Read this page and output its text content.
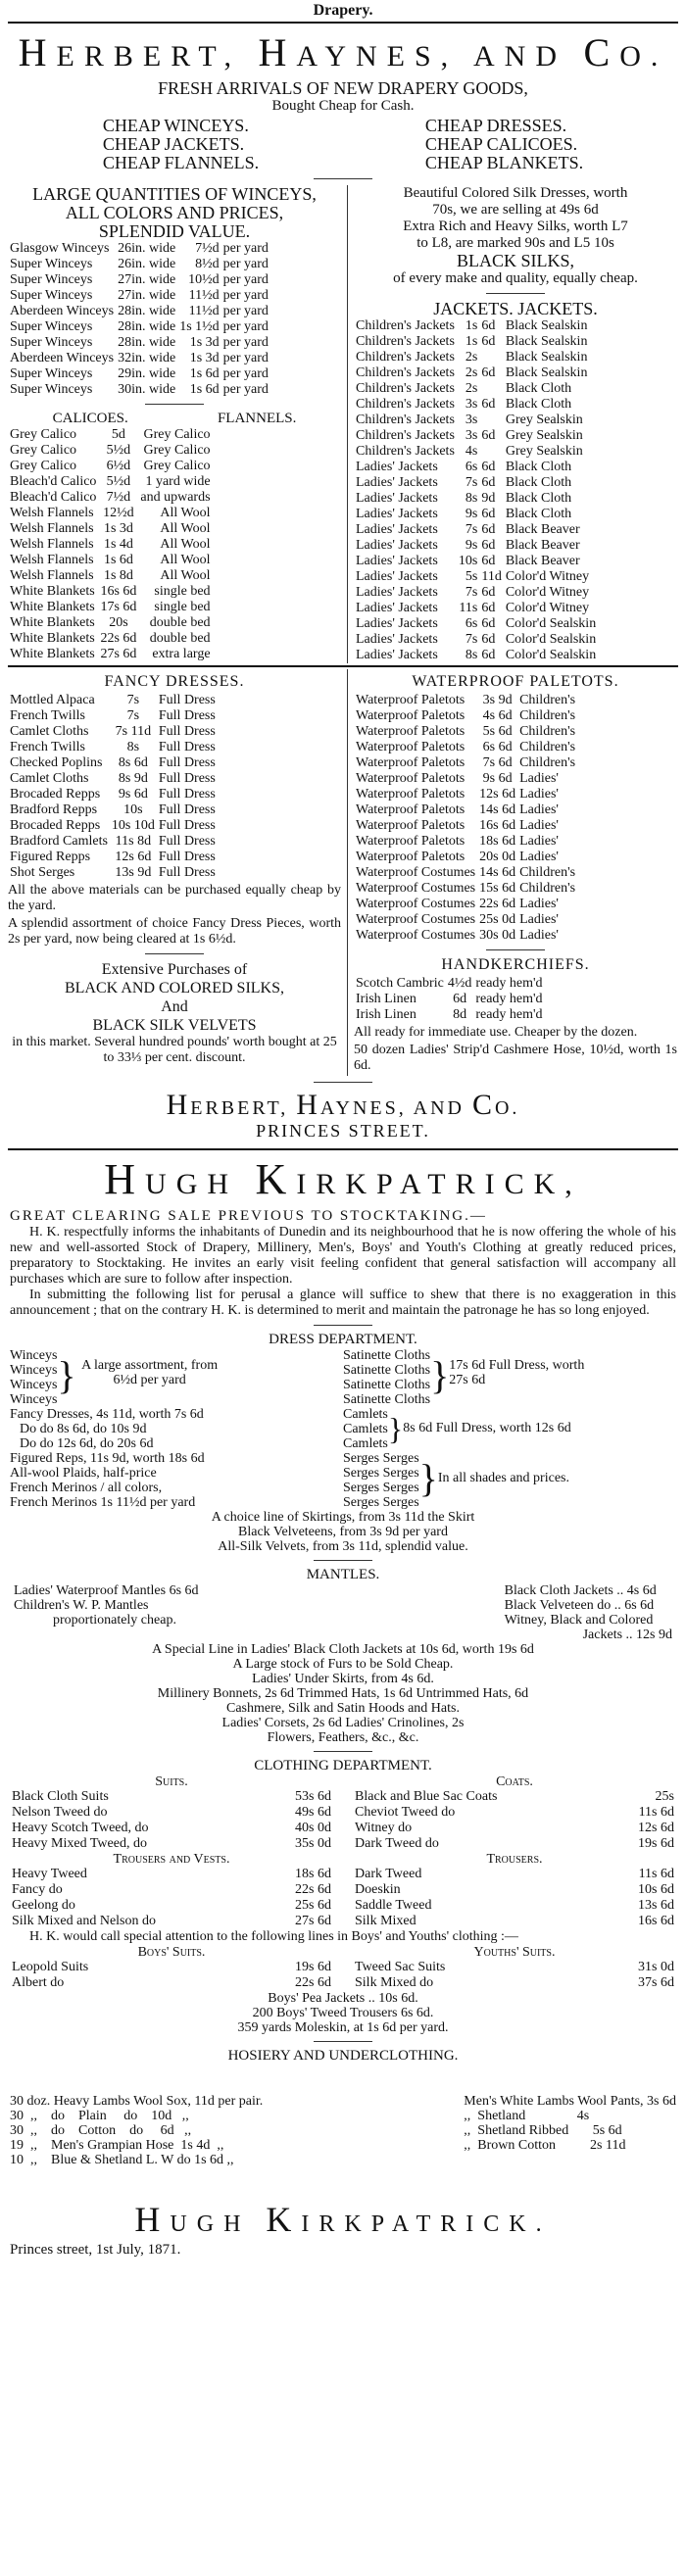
Drapery.
HERBERT, HAYNES, AND CO.
FRESH ARRIVALS OF NEW DRAPERY GOODS,
Bought Cheap for Cash.
CHEAP WINCEYS.
CHEAP JACKETS.
CHEAP FLANNELS.
CHEAP DRESSES.
CHEAP CALICOES.
CHEAP BLANKETS.
LARGE QUANTITIES OF WINCEYS,
ALL COLORS AND PRICES,
SPLENDID VALUE.
Glasgow Winceys	26in. wide	7½d	per yard
Super Winceys	26in. wide	8½d	per yard
Super Winceys	27in. wide	10½d	per yard
Super Winceys	27in. wide	11½d	per yard
Aberdeen Winceys	28in. wide	11½d	per yard
Super Winceys	28in. wide	1s 1½d	per yard
Super Winceys	28in. wide	1s 3d	per yard
Aberdeen Winceys	32in. wide	1s 3d	per yard
Super Winceys	29in. wide	1s 6d	per yard
Super Winceys	30in. wide	1s 6d	per yard
CALICOES.	FLANNELS.
Grey Calico	5d	Grey Calico
Grey Calico	5½d	Grey Calico
Grey Calico	6½d	Grey Calico
Bleach'd Calico	5½d	1 yard wide
Bleach'd Calico	7½d	and upwards
Welsh Flannels	12½d	All Wool
Welsh Flannels	1s 3d	All Wool
Welsh Flannels	1s 4d	All Wool
Welsh Flannels	1s 6d	All Wool
Welsh Flannels	1s 8d	All Wool
White Blankets	16s 6d	single bed
White Blankets	17s 6d	single bed
White Blankets	20s	double bed
White Blankets	22s 6d	double bed
White Blankets	27s 6d	extra large
Beautiful Colored Silk Dresses, worth
70s, we are selling at 49s 6d
Extra Rich and Heavy Silks, worth L7
to L8, are marked 90s and L5 10s
BLACK SILKS,
of every make and quality, equally cheap.
JACKETS. JACKETS.
Children's Jackets	1s	6d	Black Sealskin
Children's Jackets	1s	6d	Black Sealskin
Children's Jackets	2s		Black Sealskin
Children's Jackets	2s	6d	Black Sealskin
Children's Jackets	2s		Black Cloth
Children's Jackets	3s	6d	Black Cloth
Children's Jackets	3s		Grey Sealskin
Children's Jackets	3s	6d	Grey Sealskin
Children's Jackets	4s		Grey Sealskin
Ladies' Jackets	6s	6d	Black Cloth
Ladies' Jackets	7s	6d	Black Cloth
Ladies' Jackets	8s	9d	Black Cloth
Ladies' Jackets	9s	6d	Black Cloth
Ladies' Jackets	7s	6d	Black Beaver
Ladies' Jackets	9s	6d	Black Beaver
Ladies' Jackets	10s	6d	Black Beaver
Ladies' Jackets	5s	11d	Color'd Witney
Ladies' Jackets	7s	6d	Color'd Witney
Ladies' Jackets	11s	6d	Color'd Witney
Ladies' Jackets	6s	6d	Color'd Sealskin
Ladies' Jackets	7s	6d	Color'd Sealskin
Ladies' Jackets	8s	6d	Color'd Sealskin
FANCY DRESSES.
Mottled Alpaca	7s	Full Dress
French Twills	7s	Full Dress
Camlet Cloths	7s 11d	Full Dress
French Twills	8s	Full Dress
Checked Poplins	8s 6d	Full Dress
Camlet Cloths	8s 9d	Full Dress
Brocaded Repps	9s 6d	Full Dress
Bradford Repps	10s	Full Dress
Brocaded Repps	10s 10d	Full Dress
Bradford Camlets	11s 8d	Full Dress
Figured Repps	12s 6d	Full Dress
Shot Serges	13s 9d	Full Dress
All the above materials can be purchased equally cheap by the yard.
A splendid assortment of choice Fancy Dress Pieces, worth 2s per yard, now being cleared at 1s 6½d.
Extensive Purchases of
BLACK AND COLORED SILKS,
And
BLACK SILK VELVETS
in this market. Several hundred pounds' worth bought at 25 to 33⅓ per cent. discount.
WATERPROOF PALETOTS.
Waterproof Paletots	3s 9d	Children's
Waterproof Paletots	4s 6d	Children's
Waterproof Paletots	5s 6d	Children's
Waterproof Paletots	6s 6d	Children's
Waterproof Paletots	7s 6d	Children's
Waterproof Paletots	9s 6d	Ladies'
Waterproof Paletots	12s 6d	Ladies'
Waterproof Paletots	14s 6d	Ladies'
Waterproof Paletots	16s 6d	Ladies'
Waterproof Paletots	18s 6d	Ladies'
Waterproof Paletots	20s 0d	Ladies'
Waterproof Costumes	14s 6d	Children's
Waterproof Costumes	15s 6d	Children's
Waterproof Costumes	22s 6d	Ladies'
Waterproof Costumes	25s 0d	Ladies'
Waterproof Costumes	30s 0d	Ladies'
HANDKERCHIEFS.
Scotch Cambric	4½d	ready hem'd
Irish Linen	6d	ready hem'd
Irish Linen	8d	ready hem'd
All ready for immediate use. Cheaper by the dozen.
50 dozen Ladies' Strip'd Cashmere Hose, 10½d, worth 1s 6d.
HERBERT, HAYNES, AND CO.
PRINCES STREET.
HUGH KIRKPATRICK,
GREAT CLEARING SALE PREVIOUS TO STOCKTAKING.—
H. K. respectfully informs the inhabitants of Dunedin and its neighbourhood that he is now offering the whole of his new and well-assorted Stock of Drapery, Millinery, Men's, Boys' and Youth's Clothing at greatly reduced prices, preparatory to Stocktaking. He invites an early visit feeling confident that general satisfaction will accompany all purchases which are sure to follow after inspection.
In submitting the following list for perusal a glance will suffice to shew that there is no exaggeration in this announcement ; that on the contrary H. K. is determined to merit and maintain the patronage he has so long enjoyed.
DRESS DEPARTMENT.
Winceys
Winceys
Winceys
Winceys
} A large assortment, from 6½d per yard
Fancy Dresses, 4s 11d, worth 7s 6d
Do do 8s 6d, do 10s 9d
Do do 12s 6d, do 20s 6d
Figured Reps, 11s 9d, worth 18s 6d
All-wool Plaids, half-price
French Merinos / all colors,
French Merinos 1s 11½d per yard
Satinette Cloths
Satinette Cloths
Satinette Cloths
Satinette Cloths
} 17s 6d Full Dress, worth 27s 6d
Camlets
Camlets
Camlets } 8s 6d Full Dress, worth 12s 6d
Serges Serges
Serges Serges
Serges Serges
Serges Serges
} In all shades and prices.
A choice line of Skirtings, from 3s 11d the Skirt
Black Velveteens, from 3s 9d per yard
All-Silk Velvets, from 3s 11d, splendid value.
MANTLES.
Ladies' Waterproof Mantles 6s 6d
Children's W. P. Mantles
proportionately cheap.
Black Cloth Jackets .. 4s 6d
Black Velveteen do .. 6s 6d
Witney, Black and Colored
Jackets .. 12s 9d
A Special Line in Ladies' Black Cloth Jackets at 10s 6d, worth 19s 6d
A Large stock of Furs to be Sold Cheap.
Ladies' Under Skirts, from 4s 6d.
Millinery Bonnets, 2s 6d Trimmed Hats, 1s 6d Untrimmed Hats, 6d
Cashmere, Silk and Satin Hoods and Hats.
Ladies' Corsets, 2s 6d Ladies' Crinolines, 2s
Flowers, Feathers, &c., &c.
CLOTHING DEPARTMENT.
Suits.
Black Cloth Suits	53s 6d
Nelson Tweed do	49s 6d
Heavy Scotch Tweed, do	40s 0d
Heavy Mixed Tweed, do	35s 0d
Trousers and Vests.
Heavy Tweed	18s 6d
Fancy do	22s 6d
Geelong do	25s 6d
Silk Mixed and Nelson do	27s 6d
Coats.
Black and Blue Sac Coats	25s
Cheviot Tweed do	11s 6d
Witney do	12s 6d
Dark Tweed do	19s 6d
Trousers.
Dark Tweed	11s 6d
Doeskin	10s 6d
Saddle Tweed	13s 6d
Silk Mixed	16s 6d
H. K. would call special attention to the following lines in Boys' and Youths' clothing :—
Boys' Suits.
Leopold Suits	19s 6d
Albert do	22s 6d
Youths' Suits.
Tweed Sac Suits	31s 0d
Silk Mixed do	37s 6d
Boys' Pea Jackets .. 10s 6d.
200 Boys' Tweed Trousers 6s 6d.
359 yards Moleskin, at 1s 6d per yard.
HOSIERY AND UNDERCLOTHING.

30 doz. Heavy Lambs Wool Sox, 11d per pair.
30  ,,    do    Plain     do    10d   ,,
30  ,,    do    Cotton    do     6d   ,,
19  ,,    Men's Grampian Hose  1s 4d  ,,
10  ,,    Blue & Shetland L. W do 1s 6d ,,

Men's White Lambs Wool Pants, 3s 6d
,,  Shetland               4s
,,  Shetland Ribbed       5s 6d
,,  Brown Cotton          2s 11d

HUGH KIRKPATRICK.
Princes street, 1st July, 1871.
